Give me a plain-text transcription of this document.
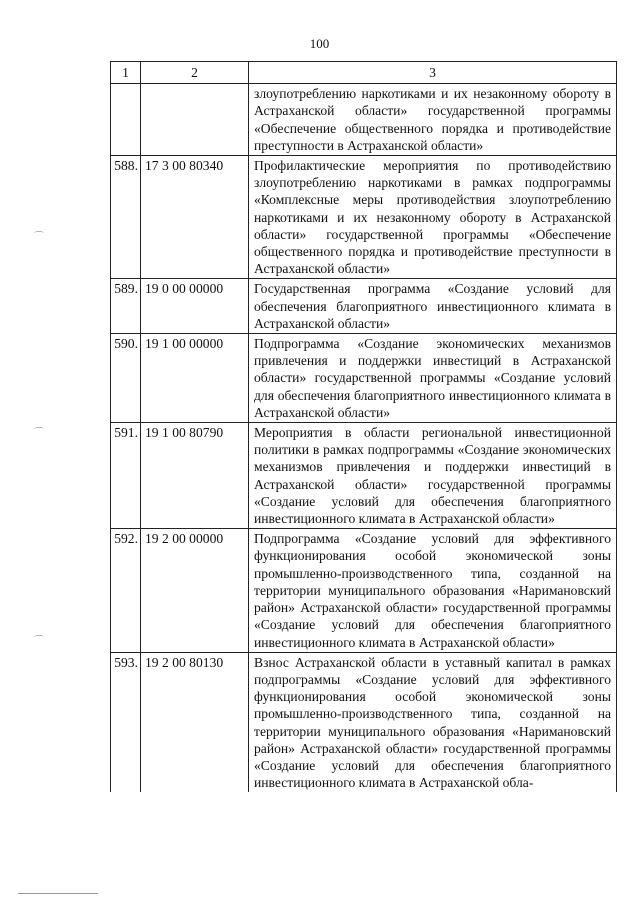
100
⌒
⌒
⌒
1	2	3
		злоупотреблению наркотиками и их незаконному обороту в Астраханской области» государственной программы «Обеспечение общественного порядка и противодействие преступности в Астраханской области»
588.	17 3 00 80340	Профилактические мероприятия по противодействию злоупотреблению наркотиками в рамках подпрограммы «Комплексные меры противодействия злоупотреблению наркотиками и их незаконному обороту в Астраханской области» государственной программы «Обеспечение общественного порядка и противодействие преступности в Астраханской области»
589.	19 0 00 00000	Государственная программа «Создание условий для обеспечения благоприятного инвестиционного климата в Астраханской области»
590.	19 1 00 00000	Подпрограмма «Создание экономических механизмов привлечения и поддержки инвестиций в Астраханской области» государственной программы «Создание условий для обеспечения благоприятного инвестиционного климата в Астраханской области»
591.	19 1 00 80790	Мероприятия в области региональной инвестиционной политики в рамках подпрограммы «Создание экономических механизмов привлечения и поддержки инвестиций в Астраханской области» государственной программы «Создание условий для обеспечения благоприятного инвестиционного климата в Астраханской области»
592.	19 2 00 00000	Подпрограмма «Создание условий для эффективного функционирования особой экономической зоны промышленно-производственного типа, созданной на территории муниципального образования «Наримановский район» Астраханской области» государственной программы «Создание условий для обеспечения благоприятного инвестиционного климата в Астраханской области»
593.	19 2 00 80130	Взнос Астраханской области в уставный капитал в рамках подпрограммы «Создание условий для эффективного функционирования особой экономической зоны промышленно-производственного типа, созданной на территории муниципального образования «Наримановский район» Астраханской области» государственной программы «Создание условий для обеспечения благоприятного инвестиционного климата в Астраханской обла-
